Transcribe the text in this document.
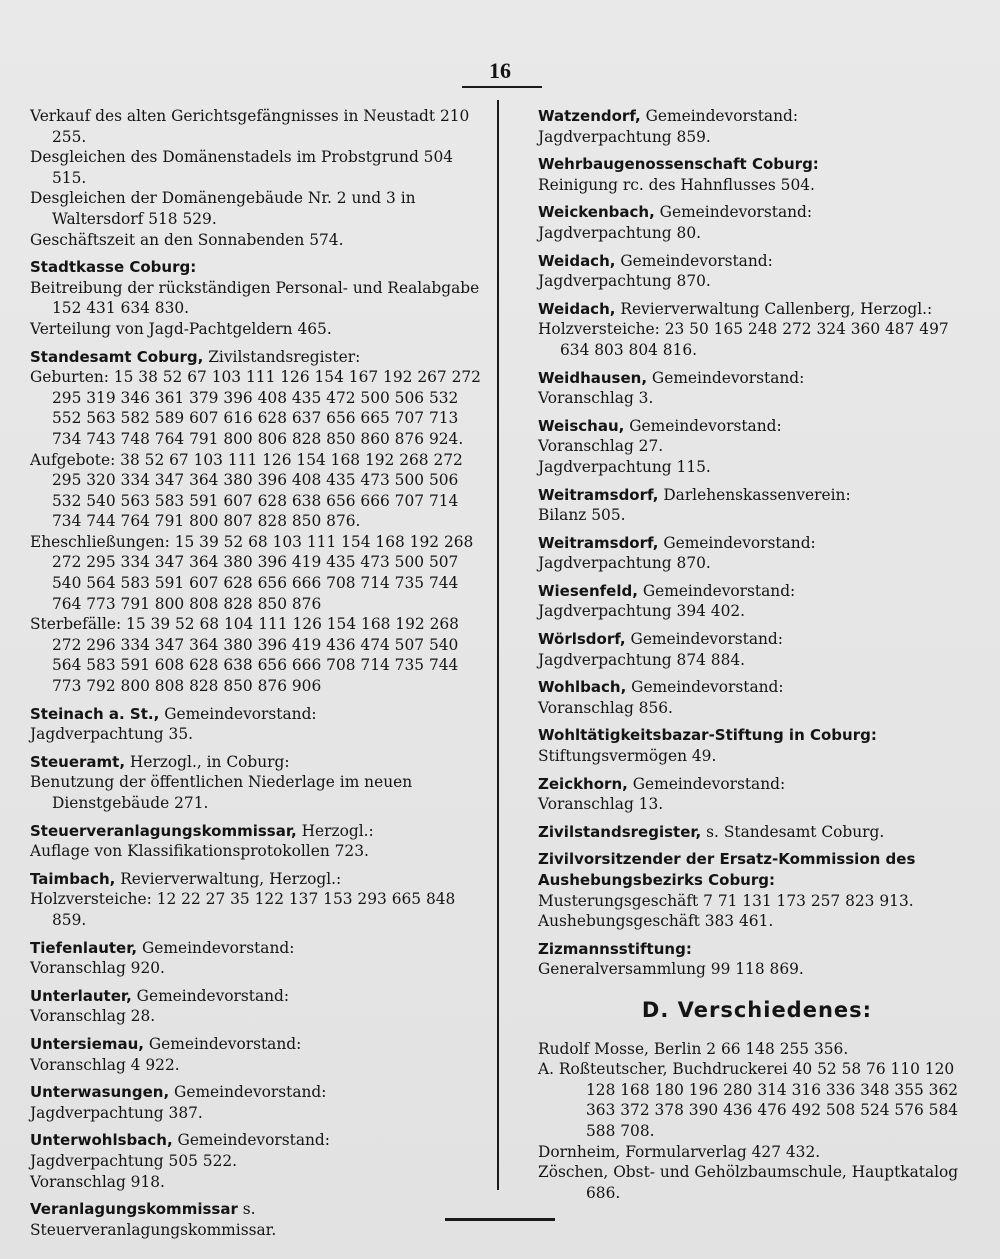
16
Verkauf des alten Gerichtsgefängnisses in Neustadt 210 255.
Desgleichen des Domänenstadels im Probstgrund 504 515.
Desgleichen der Domänengebäude Nr. 2 und 3 in Waltersdorf 518 529.
Geschäftszeit an den Sonnabenden 574.
Stadtkasse Coburg:
Beitreibung der rückständigen Personal- und Realabgabe 152 431 634 830.
Verteilung von Jagd-Pachtgeldern 465.
Standesamt Coburg, Zivilstandsregister:
Geburten: 15 38 52 67 103 111 126 154 167 192 267 272 295 319 346 361 379 396 408 435 472 500 506 532 552 563 582 589 607 616 628 637 656 665 707 713 734 743 748 764 791 800 806 828 850 860 876 924.
Aufgebote: 38 52 67 103 111 126 154 168 192 268 272 295 320 334 347 364 380 396 408 435 473 500 506 532 540 563 583 591 607 628 638 656 666 707 714 734 744 764 791 800 807 828 850 876.
Eheschließungen: 15 39 52 68 103 111 154 168 192 268 272 295 334 347 364 380 396 419 435 473 500 507 540 564 583 591 607 628 656 666 708 714 735 744 764 773 791 800 808 828 850 876
Sterbefälle: 15 39 52 68 104 111 126 154 168 192 268 272 296 334 347 364 380 396 419 436 474 507 540 564 583 591 608 628 638 656 666 708 714 735 744 773 792 800 808 828 850 876 906
Steinach a. St., Gemeindevorstand:
Jagdverpachtung 35.
Steueramt, Herzogl., in Coburg:
Benutzung der öffentlichen Niederlage im neuen Dienstgebäude 271.
Steuerveranlagungskommissar, Herzogl.:
Auflage von Klassifikationsprotokollen 723.
Taimbach, Revierverwaltung, Herzogl.:
Holzversteiche: 12 22 27 35 122 137 153 293 665 848 859.
Tiefenlauter, Gemeindevorstand:
Voranschlag 920.
Unterlauter, Gemeindevorstand:
Voranschlag 28.
Untersiemau, Gemeindevorstand:
Voranschlag 4 922.
Unterwasungen, Gemeindevorstand:
Jagdverpachtung 387.
Unterwohlsbach, Gemeindevorstand:
Jagdverpachtung 505 522.
Voranschlag 918.
Veranlagungskommissar s. Steuerveranlagungskommissar.
Watzendorf, Gemeindevorstand:
Jagdverpachtung 859.
Wehrbaugenossenschaft Coburg:
Reinigung rc. des Hahnflusses 504.
Weickenbach, Gemeindevorstand:
Jagdverpachtung 80.
Weidach, Gemeindevorstand:
Jagdverpachtung 870.
Weidach, Revierverwaltung Callenberg, Herzogl.:
Holzversteiche: 23 50 165 248 272 324 360 487 497 634 803 804 816.
Weidhausen, Gemeindevorstand:
Voranschlag 3.
Weischau, Gemeindevorstand:
Voranschlag 27.
Jagdverpachtung 115.
Weitramsdorf, Darlehenskassenverein:
Bilanz 505.
Weitramsdorf, Gemeindevorstand:
Jagdverpachtung 870.
Wiesenfeld, Gemeindevorstand:
Jagdverpachtung 394 402.
Wörlsdorf, Gemeindevorstand:
Jagdverpachtung 874 884.
Wohlbach, Gemeindevorstand:
Voranschlag 856.
Wohltätigkeitsbazar-Stiftung in Coburg:
Stiftungsvermögen 49.
Zeickhorn, Gemeindevorstand:
Voranschlag 13.
Zivilstandsregister, s. Standesamt Coburg.
Zivilvorsitzender der Ersatz-Kommission des Aushebungsbezirks Coburg:
Musterungsgeschäft 7 71 131 173 257 823 913.
Aushebungsgeschäft 383 461.
Zizmannsstiftung:
Generalversammlung 99 118 869.
D. Verschiedenes:
Rudolf Mosse, Berlin 2 66 148 255 356.
A. Roßteutscher, Buchdruckerei 40 52 58 76 110 120 128 168 180 196 280 314 316 336 348 355 362 363 372 378 390 436 476 492 508 524 576 584 588 708.
Dornheim, Formularverlag 427 432.
Zöschen, Obst- und Gehölzbaumschule, Hauptkatalog 686.
